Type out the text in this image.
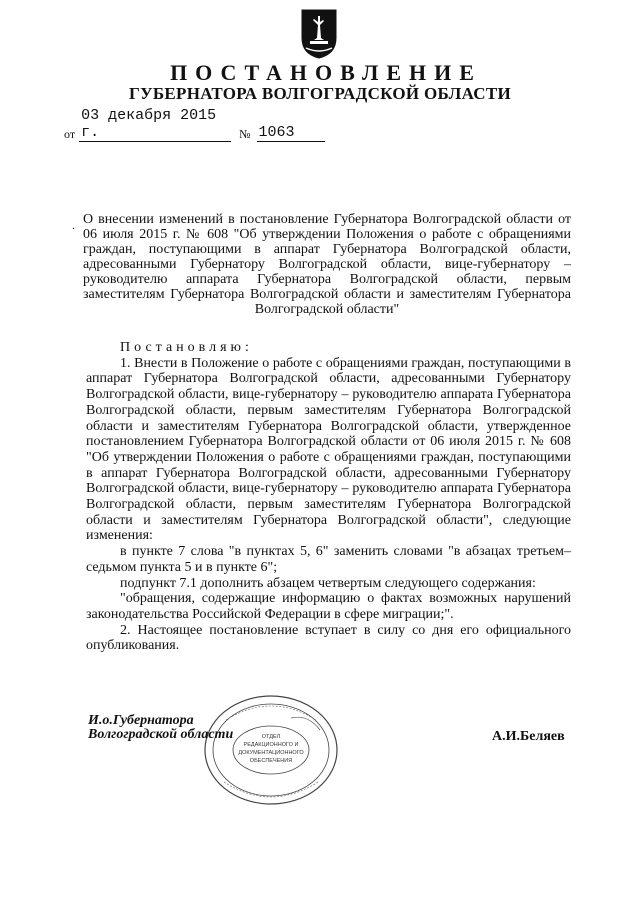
ПОСТАНОВЛЕНИЕ
ГУБЕРНАТОРА ВОЛГОГРАДСКОЙ ОБЛАСТИ
от
03 декабря 2015 г.	№ 1063
. О внесении изменений в постановление Губернатора Волгоградской области от 06 июля 2015 г. № 608 "Об утверждении Положения о работе с обращениями граждан, поступающими в аппарат Губернатора Волгоградской области, адресованными Губернатору Волгоградской области, вице-губернатору – руководителю аппарата Губернатора Волгоградской области, первым заместителям Губернатора Волгоградской области и заместителям Губернатора Волгоградской области"

Постановляю:

1. Внести в Положение о работе с обращениями граждан, поступающими в аппарат Губернатора Волгоградской области, адресованными Губернатору Волгоградской области, вице-губернатору – руководителю аппарата Губернатора Волгоградской области, первым заместителям Губернатора Волгоградской области и заместителям Губернатора Волгоградской области, утвержденное постановлением Губернатора Волгоградской области от 06 июля 2015 г. № 608 "Об утверждении Положения о работе с обращениями граждан, поступающими в аппарат Губернатора Волгоградской области, адресованными Губернатору Волгоградской области, вице-губернатору – руководителю аппарата Губернатора Волгоградской области, первым заместителям Губернатора Волгоградской области и заместителям Губернатора Волгоградской области", следующие изменения:

в пункте 7 слова "в пунктах 5, 6" заменить словами "в абзацах третьем–седьмом пункта 5 и в пункте 6";

подпункт 7.1 дополнить абзацем четвертым следующего содержания:

"обращения, содержащие информацию о фактах возможных нарушений законодательства Российской Федерации в сфере миграции;".

2. Настоящее постановление вступает в силу со дня его официального опубликования.

ОТДЕЛ
РЕДАКЦИОННОГО И
ДОКУМЕНТАЦИОННОГО
ОБЕСПЕЧЕНИЯ
И.о.Губернатора
Волгоградской области	А.И.Беляев
